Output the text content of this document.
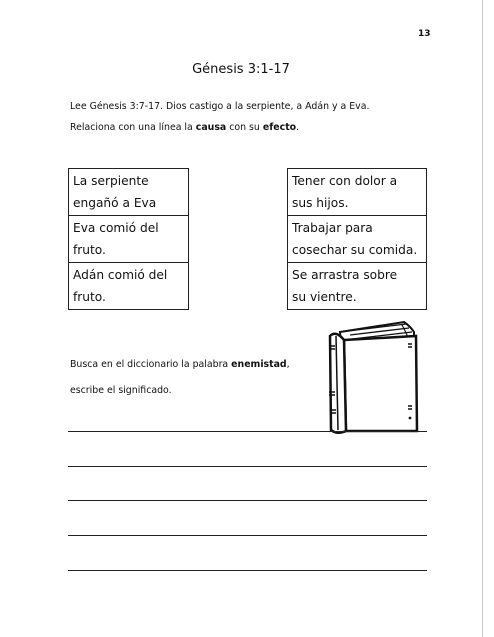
13
Génesis 3:1-17
Lee Génesis 3:7-17. Dios castigo a la serpiente, a Adán y a Eva.
Relaciona con una línea la causa con su efecto.
La serpiente
engañó a Eva
Eva comió del
fruto.
Adán comió del
fruto.
Tener con dolor a
sus hijos.
Trabajar para
cosechar su comida.
Se arrastra sobre
su vientre.
Busca en el diccionario la palabra enemistad,
escribe el significado.
